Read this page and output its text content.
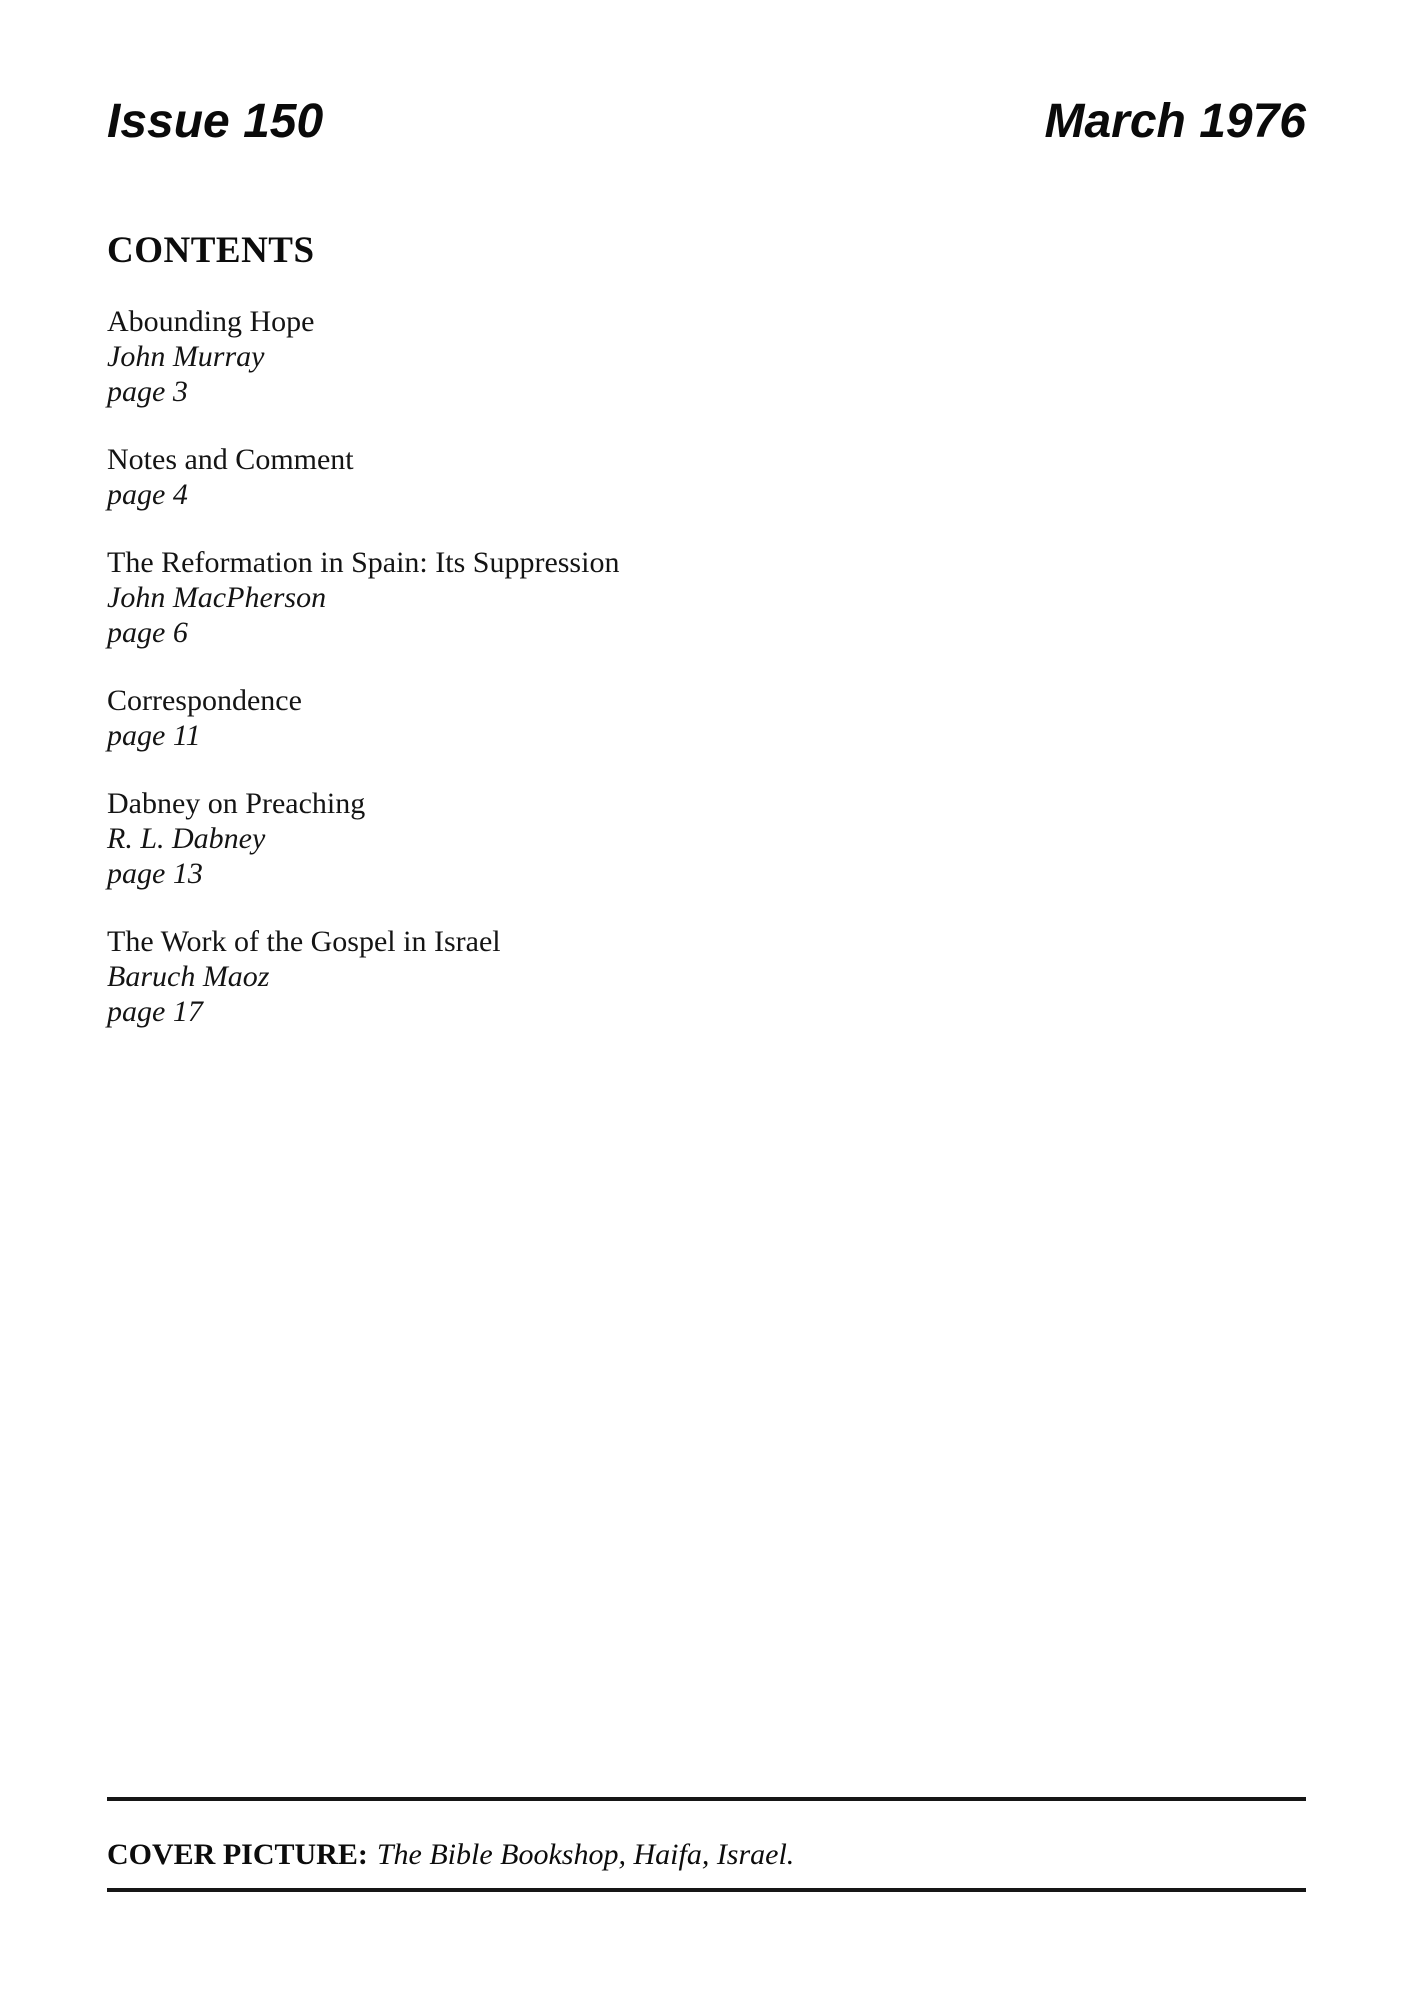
Issue 150	March 1976
CONTENTS
Abounding Hope
John Murray
page 3
Notes and Comment
page 4
The Reformation in Spain: Its Suppression
John MacPherson
page 6
Correspondence
page 11
Dabney on Preaching
R. L. Dabney
page 13
The Work of the Gospel in Israel
Baruch Maoz
page 17

COVER PICTURE: The Bible Bookshop, Haifa, Israel.
